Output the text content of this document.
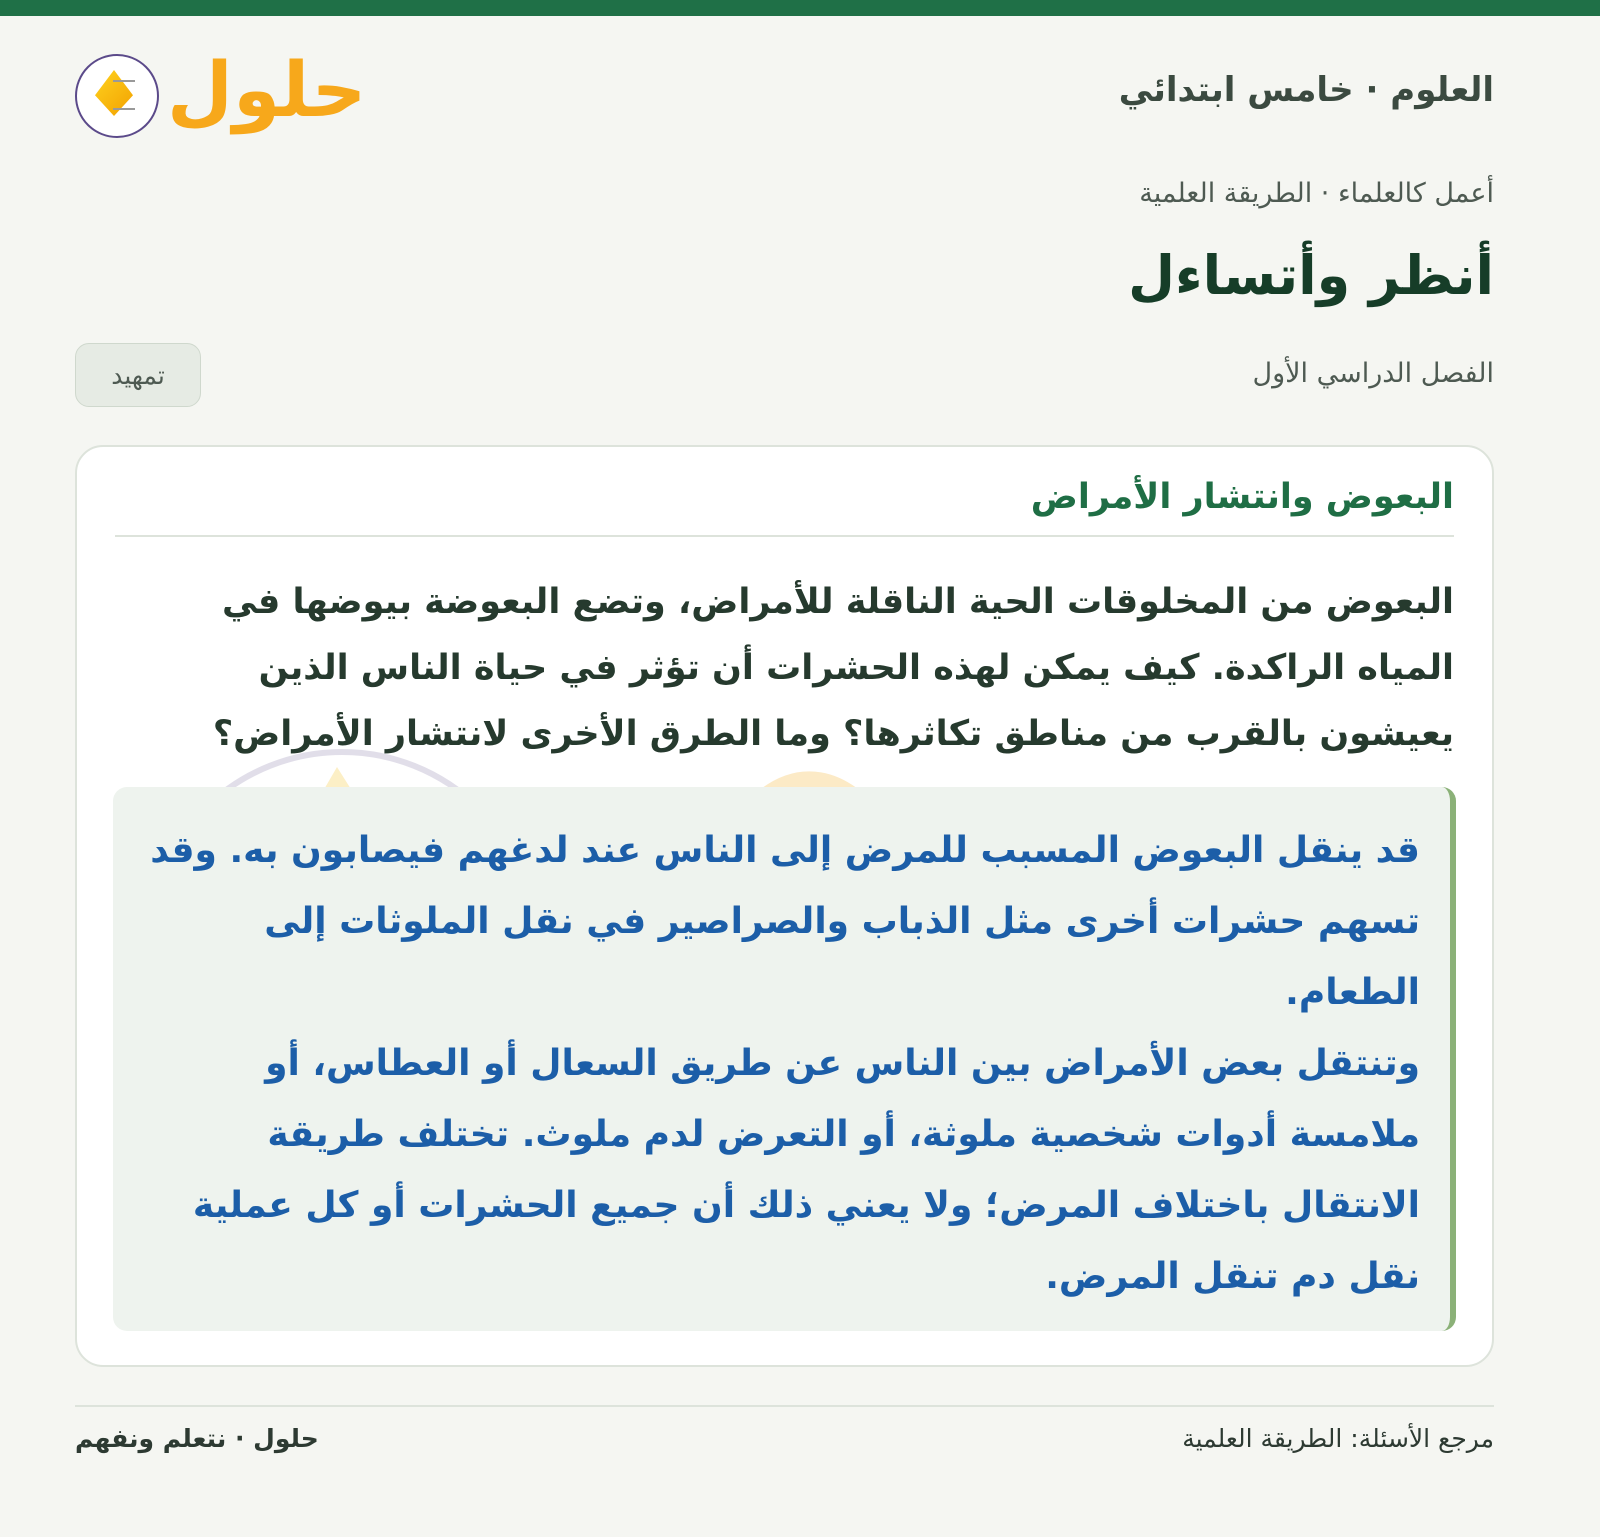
العلوم · خامس ابتدائي
حلول

أعمل كالعلماء · الطريقة العلمية

أنظر وأتساءل

الفصل الدراسي الأول

تمهيد
البعوض وانتشار الأمراض

البعوض من المخلوقات الحية الناقلة للأمراض، وتضع البعوضة بيوضها في المياه الراكدة. كيف يمكن لهذه الحشرات أن تؤثر في حياة الناس الذين يعيشون بالقرب من مناطق تكاثرها؟ وما الطرق الأخرى لانتشار الأمراض؟

قد ينقل البعوض المسبب للمرض إلى الناس عند لدغهم فيصابون به. وقد تسهم حشرات أخرى مثل الذباب والصراصير في نقل الملوثات إلى الطعام.

وتنتقل بعض الأمراض بين الناس عن طريق السعال أو العطاس، أو ملامسة أدوات شخصية ملوثة، أو التعرض لدم ملوث. تختلف طريقة الانتقال باختلاف المرض؛ ولا يعني ذلك أن جميع الحشرات أو كل عملية نقل دم تنقل المرض.

مرجع الأسئلة: الطريقة العلمية

حلول · نتعلم ونفهم
